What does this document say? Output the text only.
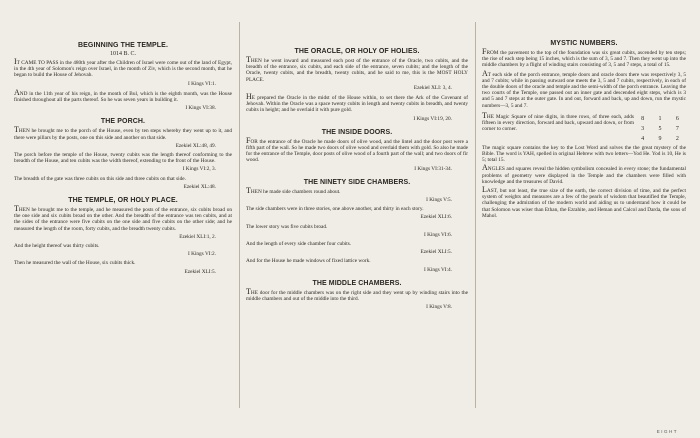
BEGINNING THE TEMPLE.
1014 B. C.

IT CAME TO PASS in the 480th year after the Children of Israel were come out of the land of Egypt, in the 4th year of Solomon's reign over Israel, in the month of Ziv, which is the second month, that he began to build the House of Jehovah.

I Kings VI:1.

AND in the 11th year of his reign, in the month of Bul, which is the eighth month, was the House finished throughout all the parts thereof. So he was seven years in building it.

I Kings VI:38.
THE PORCH.

THEN he brought me to the porch of the House, even by ten steps whereby they went up to it, and there were pillars by the posts, one on this side and another on that side.

Ezekiel XL:48, 49.

The porch before the temple of the House, twenty cubits was the length thereof conforming to the breadth of the House, and ten cubits was the width thereof, extending to the front of the House.

I Kings VI:2, 3.

The breadth of the gate was three cubits on this side and three cubits on that side.

Ezekiel XL:48.
THE TEMPLE, OR HOLY PLACE.

THEN he brought me to the temple, and he measured the posts of the entrance, six cubits broad on the one side and six cubits broad on the other. And the breadth of the entrance was ten cubits, and at the sides of the entrance were five cubits on the one side and five cubits on the other side; and he measured the length of the room, forty cubits, and the breadth twenty cubits.

Ezekiel XLI:1, 2.

And the height thereof was thirty cubits.

I Kings VI:2.

Then he measured the wall of the House, six cubits thick.

Ezekiel XLI:5.
THE ORACLE, OR HOLY OF HOLIES.

THEN he went inward and measured each post of the entrance of the Oracle, two cubits, and the breadth of the entrance, six cubits, and each side of the entrance, seven cubits; and the length of the Oracle, twenty cubits, and the breadth, twenty cubits, and he said to me, this is the MOST HOLY PLACE.

Ezekiel XLI: 3, 4.

HE prepared the Oracle in the midst of the House within, to set there the Ark of the Covenant of Jehovah. Within the Oracle was a space twenty cubits in length and twenty cubits in breadth, and twenty cubits in height; and he overlaid it with pure gold.

I Kings VI:19, 20.
THE INSIDE DOORS.

FOR the entrance of the Oracle he made doors of olive wood, and the lintel and the door post were a fifth part of the wall. So he made two doors of olive wood and overlaid them with gold. So also he made for the entrance of the Temple, door posts of olive wood of a fourth part of the wall; and two doors of fir wood.

I Kings VI:31-34.
THE NINETY SIDE CHAMBERS.

THEN he made side chambers round about.

I Kings V:5.

The side chambers were in three stories, one above another, and thirty in each story.

Ezekiel XLI:6.

The lower story was five cubits broad.

I Kings VI:6.

And the length of every side chamber four cubits.

Ezekiel XLI:5.

And for the House he made windows of fixed lattice work.

I Kings VI:4.
THE MIDDLE CHAMBERS.

THE door for the middle chambers was on the right side and they went up by winding stairs into the middle chambers and out of the middle into the third.

I Kings V:8.
MYSTIC NUMBERS.

FROM the pavement to the top of the foundation was six great cubits, ascended by ten steps; the rise of each step being 15 inches, which is the sum of 3, 5 and 7. Then they went up into the middle chambers by a flight of winding stairs consisting of 3, 5 and 7 steps, a total of 15.

AT each side of the porch entrance, temple doors and oracle doors there was respectively 3, 5 and 7 cubits; while in passing outward one meets the 3, 5 and 7 cubits, respectively, in each of the double doors of the oracle and temple and the semi-width of the porch entrance. Leaving the two courts of the Temple, one passed out an inner gate and descended eight steps, which is 3 and 5 and 7 steps at the outer gate. In and out, forward and back, up and down, run the mystic numbers—3, 5 and 7.

THE Magic Square of nine digits, in three rows, of three each, adds fifteen in every direction, forward and back, upward and down, or from corner to corner.

8	1	6
3	5	7
4	9	2

The magic square contains the key to the Lost Word and solves the the great mystery of the Bible. The word is YAH, spelled in original Hebrew with two letters—Yod He. Yod is 10, He is 5; total 15.

ANGLES and squares reveal the hidden symbolism concealed in every stone; the fundamental problems of geometry were displayed in the Temple and the chambers were filled with knowledge and the treasures of David.

LAST, but not least, the true size of the earth, the correct division of time, and the perfect system of weights and measures are a few of the pearls of wisdom that beautified the Temple, challenging the admiration of the modern world and aiding us to understand how it could be that Solomon was wiser than Ethan, the Ezrahite, and Heman and Calcol and Darda, the sons of Mahol.

EIGHT
